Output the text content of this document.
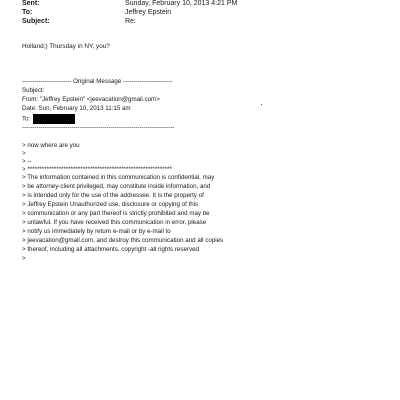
Sent:	Sunday, February 10, 2013 4:21 PM
To:	Jeffrey Epstein
Subject:	Re:
Holland;) Thursday in NY, you?
------------------------ Original Message ------------------------
Subject:
From: "Jeffrey Epstein" <jeevacation@gmail.com>
Date: Sun, February 10, 2013 11:15 am
To:
--------------------------------------------------------------------------
> now where are you
>
> --
> ************************************************************
> The information contained in this communication is confidential, may
> be attorney-client privileged, may constitute inside information, and
> is intended only for the use of the addressee. It is the property of
> Jeffrey Epstein Unauthorized use, disclosure or copying of this
> communication or any part thereof is strictly prohibited and may be
> unlawful. If you have received this communication in error, please
> notify us immediately by return e-mail or by e-mail to
> jeevacation@gmail.com, and destroy this communication and all copies
> thereof, including all attachments. copyright -all rights reserved
>
